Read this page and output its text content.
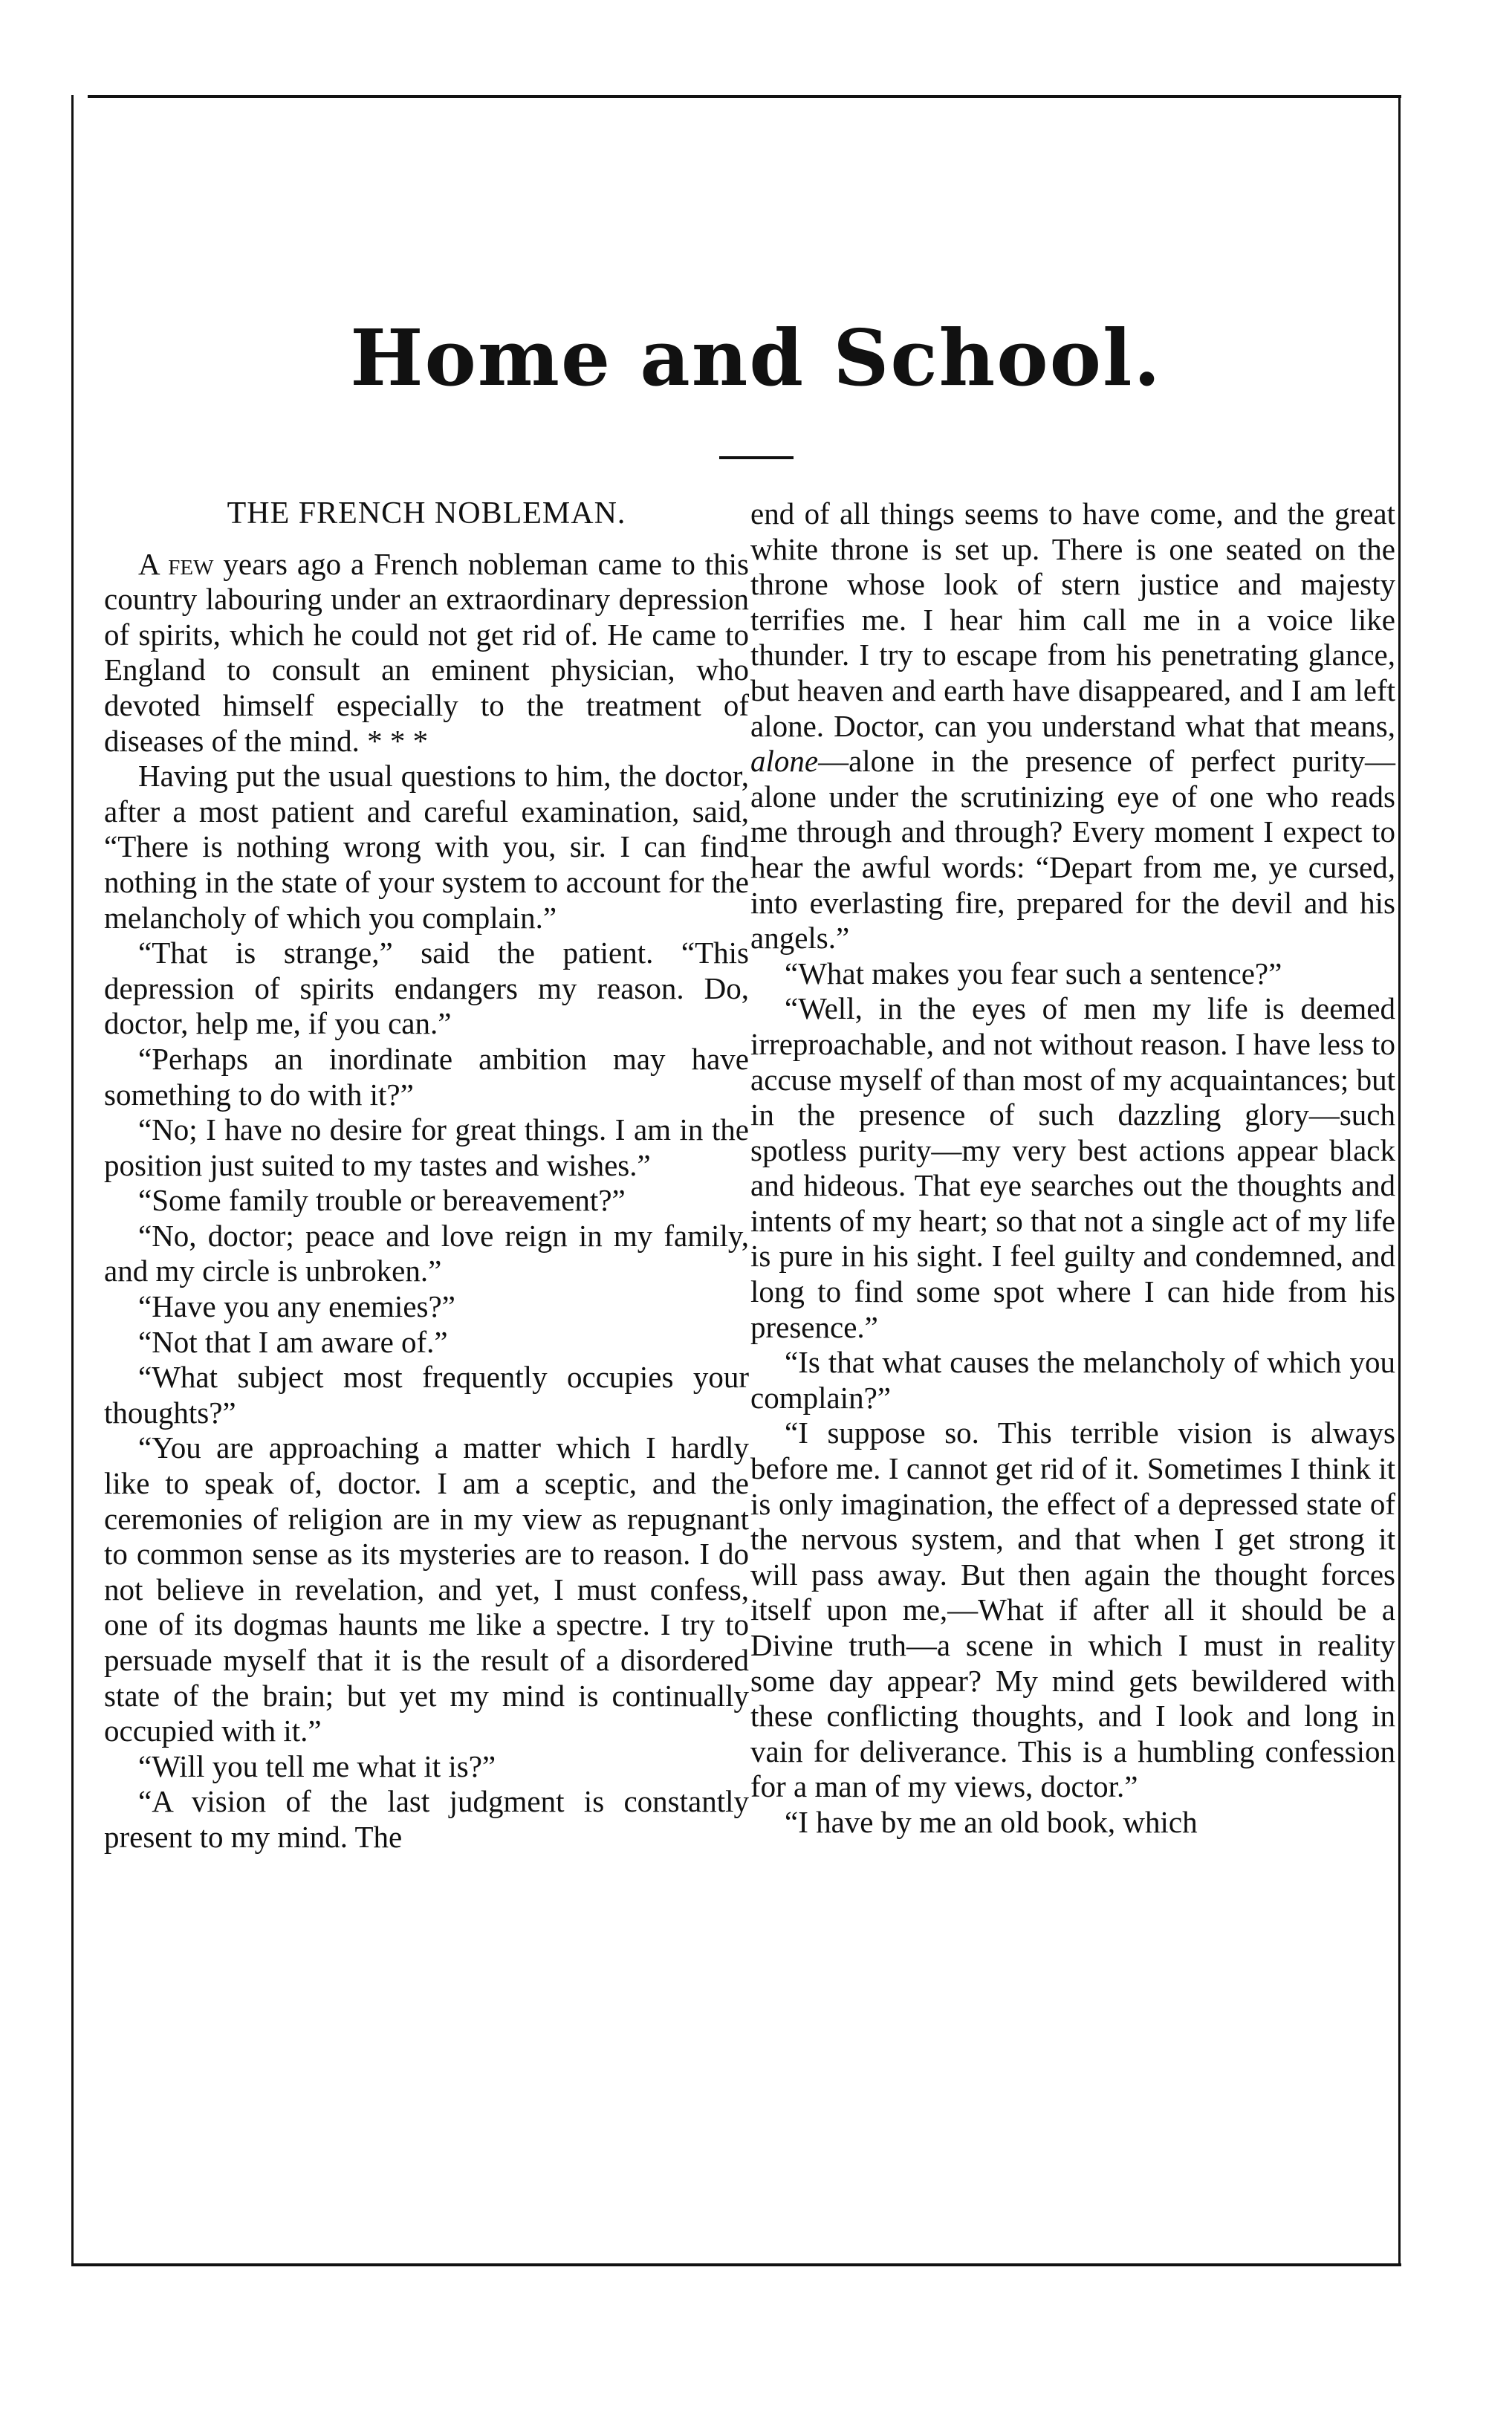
Home and School.

THE FRENCH NOBLEMAN.

A few years ago a French nobleman came to this country labouring under an extraordinary depression of spirits, which he could not get rid of. He came to England to consult an eminent physician, who devoted himself especially to the treatment of diseases of the mind. * * *

Having put the usual questions to him, the doctor, after a most patient and careful examination, said, “There is nothing wrong with you, sir. I can find nothing in the state of your system to account for the melancholy of which you complain.”

“That is strange,” said the patient. “This depression of spirits endangers my reason. Do, doctor, help me, if you can.”

“Perhaps an inordinate ambition may have something to do with it?”

“No; I have no desire for great things. I am in the position just suited to my tastes and wishes.”

“Some family trouble or bereavement?”

“No, doctor; peace and love reign in my family, and my circle is unbroken.”

“Have you any enemies?”

“Not that I am aware of.”

“What subject most frequently occupies your thoughts?”

“You are approaching a matter which I hardly like to speak of, doctor. I am a sceptic, and the ceremonies of religion are in my view as repugnant to common sense as its mysteries are to reason. I do not believe in revelation, and yet, I must confess, one of its dogmas haunts me like a spectre. I try to persuade myself that it is the result of a disordered state of the brain; but yet my mind is continually occupied with it.”

“Will you tell me what it is?”

“A vision of the last judgment is constantly present to my mind. The

end of all things seems to have come, and the great white throne is set up. There is one seated on the throne whose look of stern justice and majesty terrifies me. I hear him call me in a voice like thunder. I try to escape from his penetrating glance, but heaven and earth have disappeared, and I am left alone. Doctor, can you understand what that means, alone—alone in the presence of perfect purity—alone under the scrutinizing eye of one who reads me through and through? Every moment I expect to hear the awful words: “Depart from me, ye cursed, into everlasting fire, prepared for the devil and his angels.”

“What makes you fear such a sentence?”

“Well, in the eyes of men my life is deemed irreproachable, and not without reason. I have less to accuse myself of than most of my acquaintances; but in the presence of such dazzling glory—such spotless purity—my very best actions appear black and hideous. That eye searches out the thoughts and intents of my heart; so that not a single act of my life is pure in his sight. I feel guilty and condemned, and long to find some spot where I can hide from his presence.”

“Is that what causes the melancholy of which you complain?”

“I suppose so. This terrible vision is always before me. I cannot get rid of it. Sometimes I think it is only imagination, the effect of a depressed state of the nervous system, and that when I get strong it will pass away. But then again the thought forces itself upon me,—What if after all it should be a Divine truth—a scene in which I must in reality some day appear? My mind gets bewildered with these conflicting thoughts, and I look and long in vain for deliverance. This is a humbling confession for a man of my views, doctor.”

“I have by me an old book, which
